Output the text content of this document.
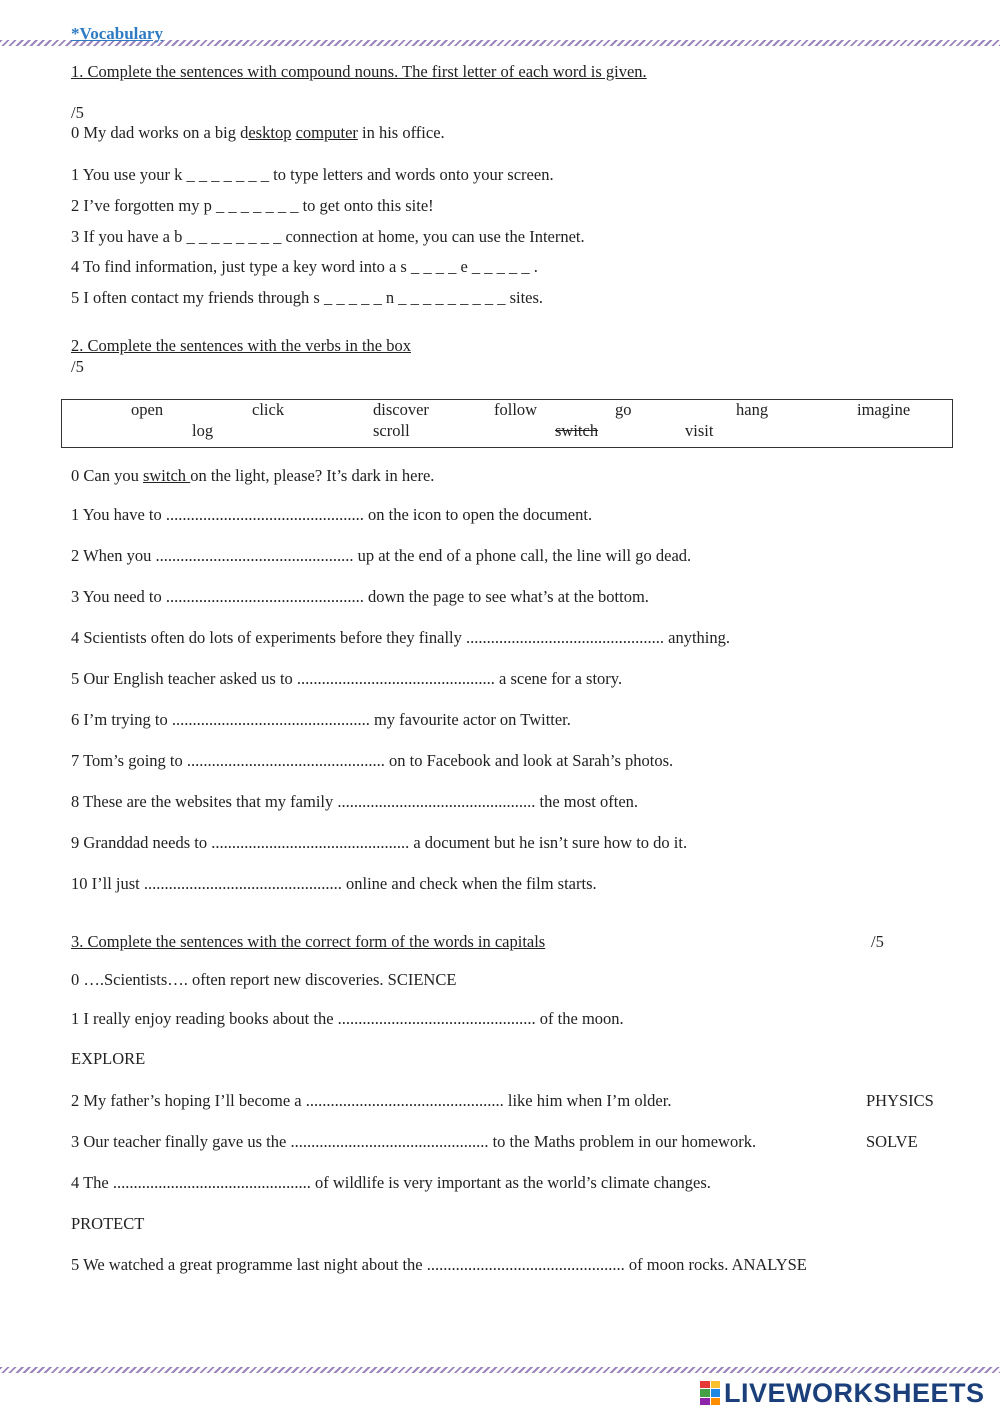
*Vocabulary
1. Complete the sentences with compound nouns. The first letter of each word is given.
/5
0 My dad works on a big desktop computer in his office.
1 You use your k _ _ _ _ _ _ _ to type letters and words onto your screen.
2 I’ve forgotten my p _ _ _ _ _ _ _ to get onto this site!
3 If you have a b _ _ _ _ _ _ _ _ connection at home, you can use the Internet.
4 To find information, just type a key word into a s _ _ _ _ e _ _ _ _ _ .
5 I often contact my friends through s _ _ _ _ _ n _ _ _ _ _ _ _ _ _ sites.
2. Complete the sentences with the verbs in the box
/5
open	click	discover	follow	go	hang	imagine
log	scroll	switch	visit
0 Can you switch on the light, please? It’s dark in here.
1 You have to ................................................ on the icon to open the document.
2 When you ................................................ up at the end of a phone call, the line will go dead.
3 You need to ................................................ down the page to see what’s at the bottom.
4 Scientists often do lots of experiments before they finally ................................................ anything.
5 Our English teacher asked us to ................................................ a scene for a story.
6 I’m trying to ................................................ my favourite actor on Twitter.
7 Tom’s going to ................................................ on to Facebook and look at Sarah’s photos.
8 These are the websites that my family ................................................ the most often.
9 Granddad needs to ................................................ a document but he isn’t sure how to do it.
10 I’ll just ................................................ online and check when the film starts.
3. Complete the sentences with the correct form of the words in capitals	/5
0 ….Scientists…. often report new discoveries. SCIENCE
1 I really enjoy reading books about the ................................................ of the moon.
EXPLORE
2 My father’s hoping I’ll become a ................................................ like him when I’m older.	PHYSICS
3 Our teacher finally gave us the ................................................ to the Maths problem in our homework.	SOLVE
4 The ................................................ of wildlife is very important as the world’s climate changes.
PROTECT
5 We watched a great programme last night about the ................................................ of moon rocks. ANALYSE
LIVEWORKSHEETS
